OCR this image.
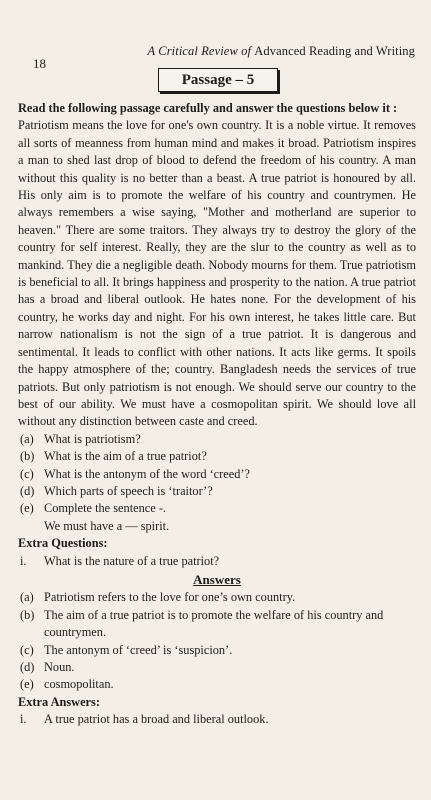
18
A Critical Review of Advanced Reading and Writing
Passage – 5

Read the following passage carefully and answer the questions below it :

Patriotism means the love for one's own country. It is a noble virtue. It removes all sorts of meanness from human mind and makes it broad. Patriotism inspires a man to shed last drop of blood to defend the freedom of his country. A man without this quality is no better than a beast. A true patriot is honoured by all. His only aim is to promote the welfare of his country and countrymen. He always remembers a wise saying, "Mother and motherland are superior to heaven." There are some traitors. They always try to destroy the glory of the country for self interest. Really, they are the slur to the country as well as to mankind. They die a negligible death. Nobody mourns for them. True patriotism is beneficial to all. It brings happiness and prosperity to the nation. A true patriot has a broad and liberal outlook. He hates none. For the development of his country, he works day and night. For his own interest, he takes little care. But narrow nationalism is not the sign of a true patriot. It is dangerous and sentimental. It leads to conflict with other nations. It acts like germs. It spoils the happy atmosphere of the; country. Bangladesh needs the services of true patriots. But only patriotism is not enough. We should serve our country to the best of our ability. We must have a cosmopolitan spirit. We should love all without any distinction between caste and creed.

(a) What is patriotism?
(b) What is the aim of a true patriot?
(c) What is the antonym of the word ‘creed’?
(d) Which parts of speech is ‘traitor’?
(e) Complete the sentence -.
We must have a — spirit.

Extra Questions:

i. What is the nature of a true patriot?
Answers
(a) Patriotism refers to the love for one’s own country.
(b) The aim of a true patriot is to promote the welfare of his country and countrymen.
(c) The antonym of ‘creed’ is ‘suspicion’.
(d) Noun.
(e) cosmopolitan.

Extra Answers:

i. A true patriot has a broad and liberal outlook.
